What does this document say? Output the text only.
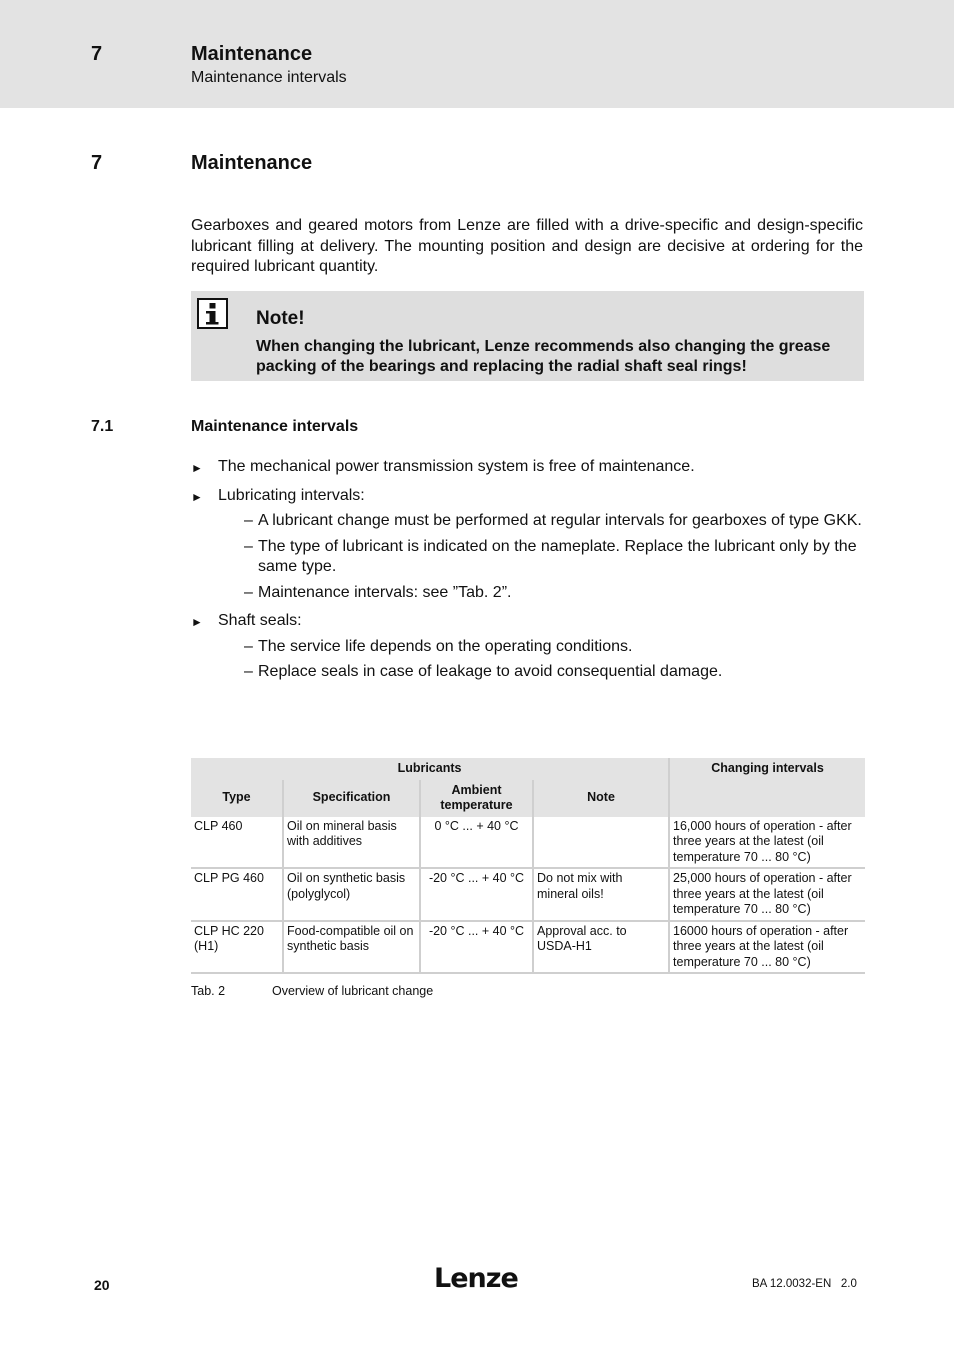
7	Maintenance
Maintenance intervals
7	Maintenance
Gearboxes and geared motors from Lenze are filled with a drive-specific and design-specific lubricant filling at delivery. The mounting position and design are decisive at ordering for the required lubricant quantity.
Note!
When changing the lubricant, Lenze recommends also changing the grease packing of the bearings and replacing the radial shaft seal rings!
7.1	Maintenance intervals
► The mechanical power transmission system is free of maintenance.
► Lubricating intervals:
– A lubricant change must be performed at regular intervals for gearboxes of type GKK.
– The type of lubricant is indicated on the nameplate. Replace the lubricant only by the same type.
– Maintenance intervals: see ”Tab. 2”.
► Shaft seals:
– The service life depends on the operating conditions.
– Replace seals in case of leakage to avoid consequential damage.
Lubricants				Changing intervals
Type	Specification	Ambient temperature	Note	
CLP 460	Oil on mineral basis with additives	0 °C ... + 40 °C		16,000 hours of operation - after three years at the latest (oil temperature 70 ... 80 °C)
CLP PG 460	Oil on synthetic basis (polyglycol)	-20 °C ... + 40 °C	Do not mix with mineral oils!	25,000 hours of operation - after three years at the latest (oil temperature 70 ... 80 °C)
CLP HC 220 (H1)	Food-compatible oil on synthetic basis	-20 °C ... + 40 °C	Approval acc. to USDA-H1	16000 hours of operation - after three years at the latest (oil temperature 70 ... 80 °C)
Tab. 2	Overview of lubricant change
20	Lenze	BA 12.0032-EN   2.0
